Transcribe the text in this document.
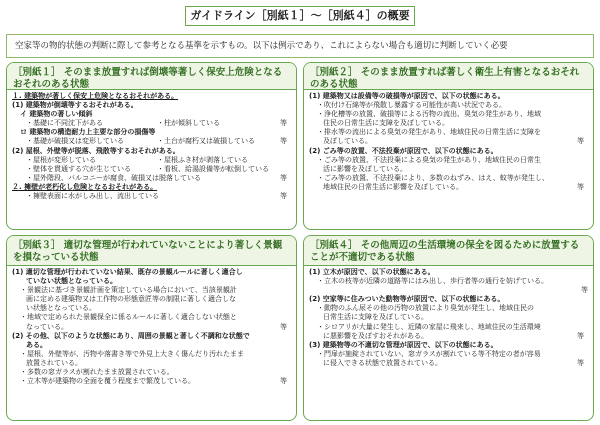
ガイドライン［別紙１］～［別紙４］の概要
空家等の物的状態の判断に際して参考となる基準を示すもの。以下は例示であり、これによらない場合も適切に判断していく必要
［別紙１］ そのまま放置すれば倒壊等著しく保安上危険となるおそれのある状態
１. 建築物が著しく保安上危険となるおそれがある。
(1) 建築物が倒壊等するおそれがある。
イ 建築物の著しい傾斜
・基礎に不同沈下がある	・柱が傾斜している	等
ロ 建築物の構造耐力上主要な部分の損傷等
・基礎が破損又は変形している	・土台が腐朽又は破損している	等
(2) 屋根、外壁等が脱落、飛散等するおそれがある。
・屋根が変形している	・屋根ふき材が剥落している
・壁体を貫通する穴が生じている	・看板、給湯設備等が転倒している
・屋外階段、バルコニーが腐食、破損又は脱落している	等
２. 擁壁が老朽化し危険となるおそれがある。
・擁壁表面に水がしみ出し、流出している	等
［別紙２］ そのまま放置すれば著しく衛生上有害となるおそれのある状態
(1) 建築物又は設備等の破損等が原因で、以下の状態にある。
・吹付け石綿等が飛散し暴露する可能性が高い状況である。
・浄化槽等の放置、破損等による汚物の流出、臭気の発生があり、地域
住民の日常生活に支障を及ぼしている。
・排水等の流出による臭気の発生があり、地域住民の日常生活に支障を
及ぼしている。	等
(2) ごみ等の放置、不法投棄が原因で、以下の状態にある。
・ごみ等の放置、不法投棄による臭気の発生があり、地域住民の日常生
活に影響を及ぼしている。
・ごみ等の放置、不法投棄により、多数のねずみ、はえ、蚊等が発生し、
地域住民の日常生活に影響を及ぼしている。	等
［別紙３］ 適切な管理が行われていないことにより著しく景観を損なっている状態
(1) 適切な管理が行われていない結果、既存の景観ルールに著しく適合し
ていない状態となっている。
・景観法に基づき景観計画を策定している場合において、当該景観計
画に定める建築物又は工作物の形態意匠等の制限に著しく適合しな
い状態となっている。
・地域で定められた景観保全に係るルールに著しく適合しない状態と
なっている。	等
(2) その他、以下のような状態にあり、周囲の景観と著しく不調和な状態で
ある。
・屋根、外壁等が、汚物や落書き等で外見上大きく傷んだり汚れたまま
放置されている。
・多数の窓ガラスが割れたまま放置されている。
・立木等が建築物の全面を覆う程度まで繁茂している。	等
［別紙４］ その他周辺の生活環境の保全を図るために放置することが不適切である状態
(1) 立木が原因で、以下の状態にある。
・立木の枝等が近隣の道路等にはみ出し、歩行者等の通行を妨げている。
等
(2) 空家等に住みついた動物等が原因で、以下の状態にある。
・動物のふん尿その他の汚物の放置により臭気が発生し、地域住民の
日常生活に支障を及ぼしている。
・シロアリが大量に発生し、近隣の家屋に飛来し、地域住民の生活環境
に悪影響を及ぼすおそれがある。	等
(3) 建築物等の不適切な管理が原因で、以下の状態にある。
・門扉が施錠されていない、窓ガラスが割れている等不特定の者が容易
に侵入できる状態で放置されている。	等
